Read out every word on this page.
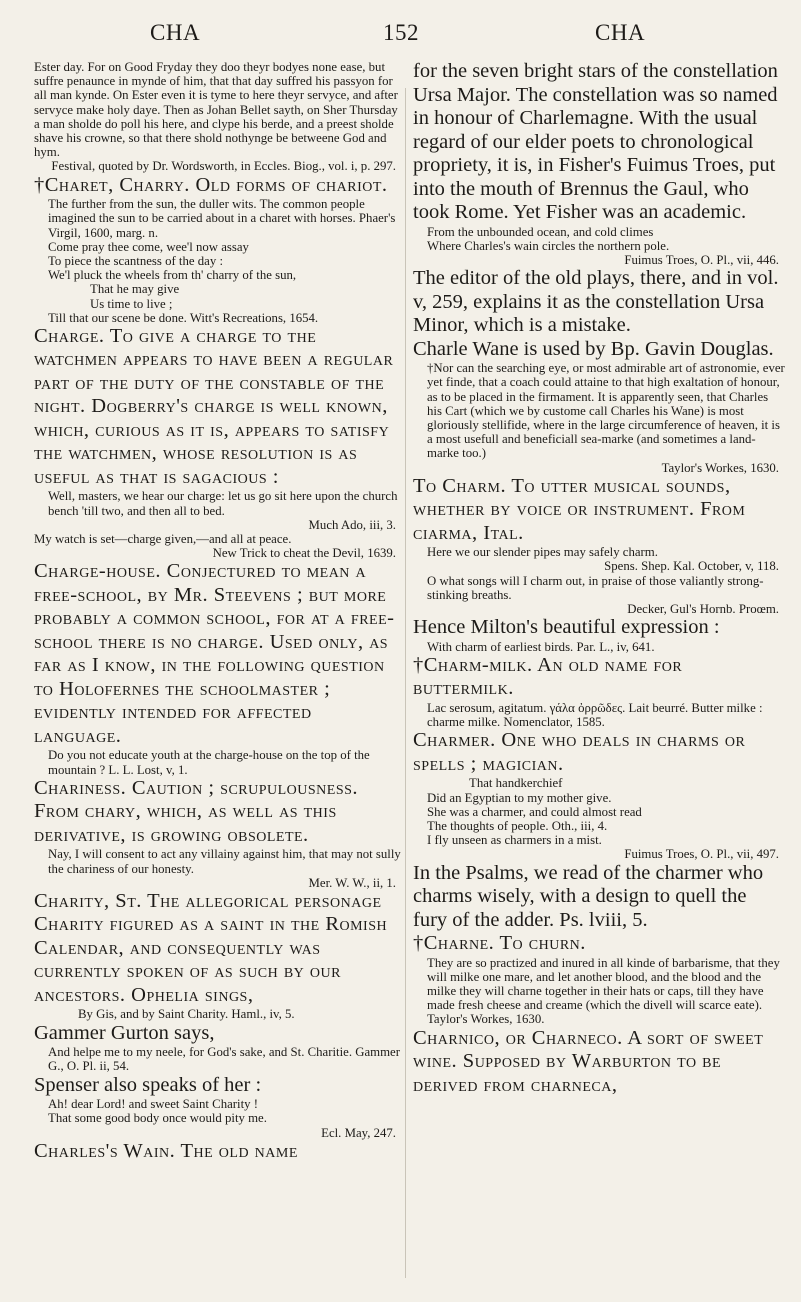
CHA	152	CHA

Ester day. For on Good Fryday they doo theyr bodyes none ease, but suffre penaunce in mynde of him, that that day suffred his passyon for all man kynde. On Ester even it is tyme to here theyr servyce, and after servyce make holy daye. Then as Johan Bellet sayth, on Sher Thursday a man sholde do poll his here, and clype his berde, and a preest sholde shave his crowne, so that there shold nothynge be betweene God and hym.

Festival, quoted by Dr. Wordsworth, in Eccles. Biog., vol. i, p. 297.

†Charet, Charry. Old forms of chariot.

The further from the sun, the duller wits. The common people imagined the sun to be carried about in a charet with horses. Phaer's Virgil, 1600, marg. n.

Come pray thee come, wee'l now assay

To piece the scantness of the day :

We'l pluck the wheels from th' charry of the sun,

That he may give

Us time to live ;

Till that our scene be done. Witt's Recreations, 1654.

Charge. To give a charge to the watchmen appears to have been a regular part of the duty of the constable of the night. Dogberry's charge is well known, which, curious as it is, appears to satisfy the watchmen, whose resolution is as useful as that is sagacious :

Well, masters, we hear our charge: let us go sit here upon the church bench 'till two, and then all to bed.

Much Ado, iii, 3.

My watch is set—charge given,—and all at peace.

New Trick to cheat the Devil, 1639.

Charge-house. Conjectured to mean a free-school, by Mr. Steevens ; but more probably a common school, for at a free-school there is no charge. Used only, as far as I know, in the following question to Holofernes the schoolmaster ; evidently intended for affected language.

Do you not educate youth at the charge-house on the top of the mountain ? L. L. Lost, v, 1.

Chariness. Caution ; scrupulousness. From chary, which, as well as this derivative, is growing obsolete.

Nay, I will consent to act any villainy against him, that may not sully the chariness of our honesty.

Mer. W. W., ii, 1.

Charity, St. The allegorical personage Charity figured as a saint in the Romish Calendar, and consequently was currently spoken of as such by our ancestors. Ophelia sings,

By Gis, and by Saint Charity. Haml., iv, 5.

Gammer Gurton says,

And helpe me to my neele, for God's sake, and St. Charitie. Gammer G., O. Pl. ii, 54.

Spenser also speaks of her :

Ah! dear Lord! and sweet Saint Charity !

That some good body once would pity me.

Ecl. May, 247.

Charles's Wain. The old name

for the seven bright stars of the constellation Ursa Major. The constellation was so named in honour of Charlemagne. With the usual regard of our elder poets to chronological propriety, it is, in Fisher's Fuimus Troes, put into the mouth of Brennus the Gaul, who took Rome. Yet Fisher was an academic.

From the unbounded ocean, and cold climes

Where Charles's wain circles the northern pole.

Fuimus Troes, O. Pl., vii, 446.

The editor of the old plays, there, and in vol. v, 259, explains it as the constellation Ursa Minor, which is a mistake.

Charle Wane is used by Bp. Gavin Douglas.

†Nor can the searching eye, or most admirable art of astronomie, ever yet finde, that a coach could attaine to that high exaltation of honour, as to be placed in the firmament. It is apparently seen, that Charles his Cart (which we by custome call Charles his Wane) is most gloriously stellifide, where in the large circumference of heaven, it is a most usefull and beneficiall sea-marke (and sometimes a land-marke too.)

Taylor's Workes, 1630.

To Charm. To utter musical sounds, whether by voice or instrument. From ciarma, Ital.

Here we our slender pipes may safely charm.

Spens. Shep. Kal. October, v, 118.

O what songs will I charm out, in praise of those valiantly strong-stinking breaths.

Decker, Gul's Hornb. Proœm.

Hence Milton's beautiful expression :

With charm of earliest birds. Par. L., iv, 641.

†Charm-milk. An old name for buttermilk.

Lac serosum, agitatum. γάλα ὀρρῶδες. Lait beurré. Butter milke : charme milke. Nomenclator, 1585.

Charmer. One who deals in charms or spells ; magician.

That handkerchief

Did an Egyptian to my mother give.

She was a charmer, and could almost read

The thoughts of people. Oth., iii, 4.

I fly unseen as charmers in a mist.

Fuimus Troes, O. Pl., vii, 497.

In the Psalms, we read of the charmer who charms wisely, with a design to quell the fury of the adder. Ps. lviii, 5.

†Charne. To churn.

They are so practized and inured in all kinde of barbarisme, that they will milke one mare, and let another blood, and the blood and the milke they will charne together in their hats or caps, till they have made fresh cheese and creame (which the divell will scarce eate). Taylor's Workes, 1630.

Charnico, or Charneco. A sort of sweet wine. Supposed by Warburton to be derived from charneca,
